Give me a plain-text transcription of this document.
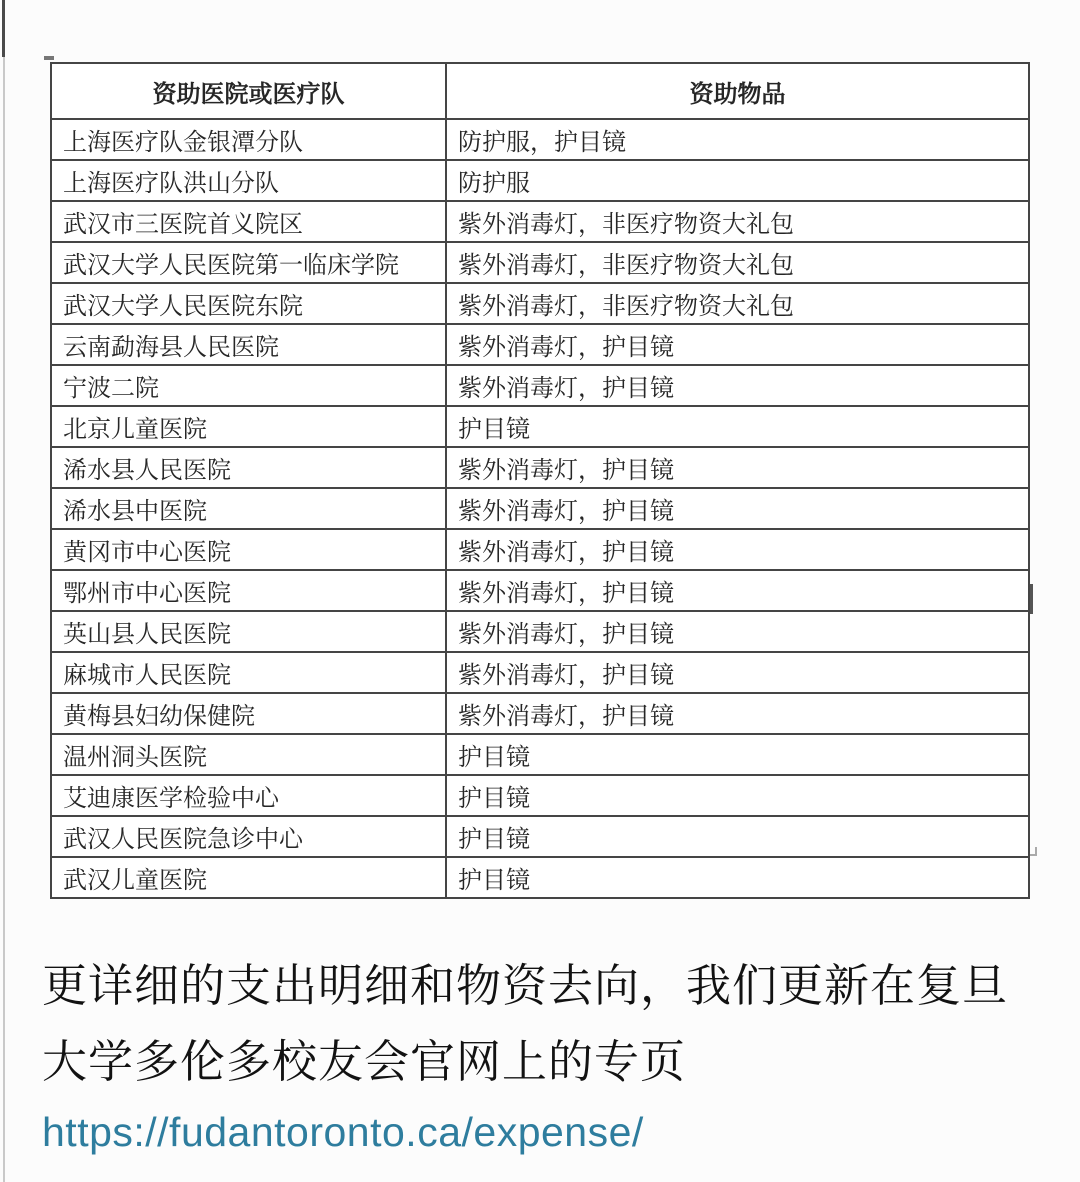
资助医院或医疗队	资助物品
上海医疗队金银潭分队	防护服，护目镜
上海医疗队洪山分队	防护服
武汉市三医院首义院区	紫外消毒灯，非医疗物资大礼包
武汉大学人民医院第一临床学院	紫外消毒灯，非医疗物资大礼包
武汉大学人民医院东院	紫外消毒灯，非医疗物资大礼包
云南勐海县人民医院	紫外消毒灯，护目镜
宁波二院	紫外消毒灯，护目镜
北京儿童医院	护目镜
浠水县人民医院	紫外消毒灯，护目镜
浠水县中医院	紫外消毒灯，护目镜
黄冈市中心医院	紫外消毒灯，护目镜
鄂州市中心医院	紫外消毒灯，护目镜
英山县人民医院	紫外消毒灯，护目镜
麻城市人民医院	紫外消毒灯，护目镜
黄梅县妇幼保健院	紫外消毒灯，护目镜
温州洞头医院	护目镜
艾迪康医学检验中心	护目镜
武汉人民医院急诊中心	护目镜
武汉儿童医院	护目镜
更详细的支出明细和物资去向，我们更新在复旦
大学多伦多校友会官网上的专页
https://fudantoronto.ca/expense/
